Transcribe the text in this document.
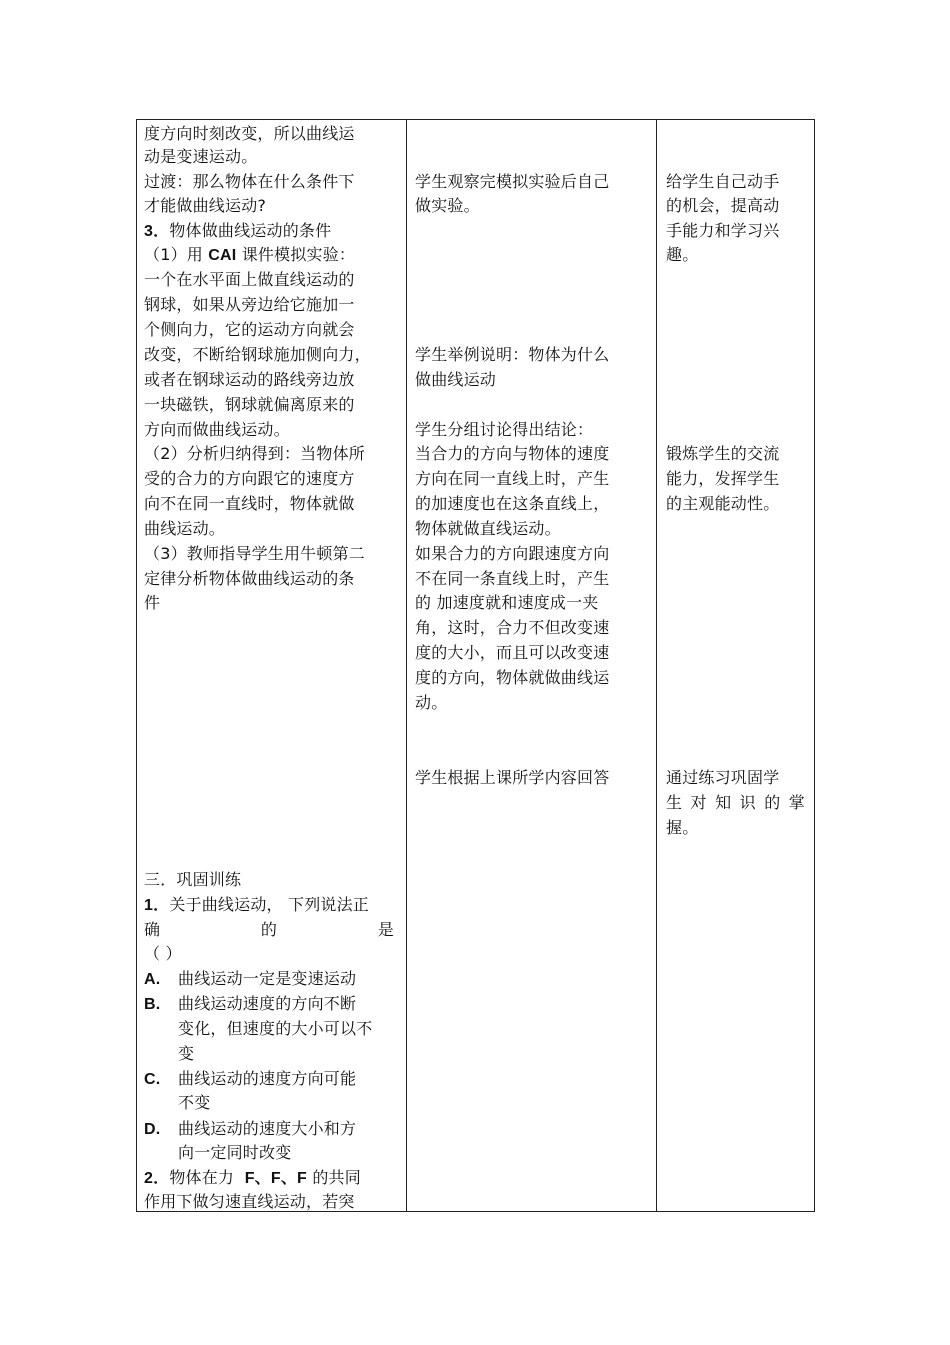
度方向时刻改变，所以曲线运
动是变速运动。
过渡：那么物体在什么条件下
才能做曲线运动?
3．物体做曲线运动的条件
（1）用 CAI 课件模拟实验：
一个在水平面上做直线运动的
钢球，如果从旁边给它施加一
个侧向力，它的运动方向就会
改变，不断给钢球施加侧向力，
或者在钢球运动的路线旁边放
一块磁铁，钢球就偏离原来的
方向而做曲线运动。
（2）分析归纳得到：当物体所
受的合力的方向跟它的速度方
向不在同一直线时，物体就做
曲线运动。
（3）教师指导学生用牛顿第二
定律分析物体做曲线运动的条
件
三．巩固训练
1．关于曲线运动， 下列说法正
确	的	是
（ ）
A. 曲线运动一定是变速运动
B. 曲线运动速度的方向不断
变化，但速度的大小可以不
变
C. 曲线运动的速度方向可能
不变
D. 曲线运动的速度大小和方
向一定同时改变
2．物体在力 F、F、F 的共同
作用下做匀速直线运动，若突
学生观察完模拟实验后自己
做实验。
学生举例说明：物体为什么
做曲线运动
学生分组讨论得出结论：
当合力的方向与物体的速度
方向在同一直线上时，产生
的加速度也在这条直线上，
物体就做直线运动。
如果合力的方向跟速度方向
不在同一条直线上时，产生
的 加速度就和速度成一夹
角，这时，合力不但改变速
度的大小，而且可以改变速
度的方向，物体就做曲线运
动。
学生根据上课所学内容回答
给学生自己动手
的机会，提高动
手能力和学习兴
趣。
锻炼学生的交流
能力，发挥学生
的主观能动性。
通过练习巩固学
生 对 知 识 的 掌
握。
